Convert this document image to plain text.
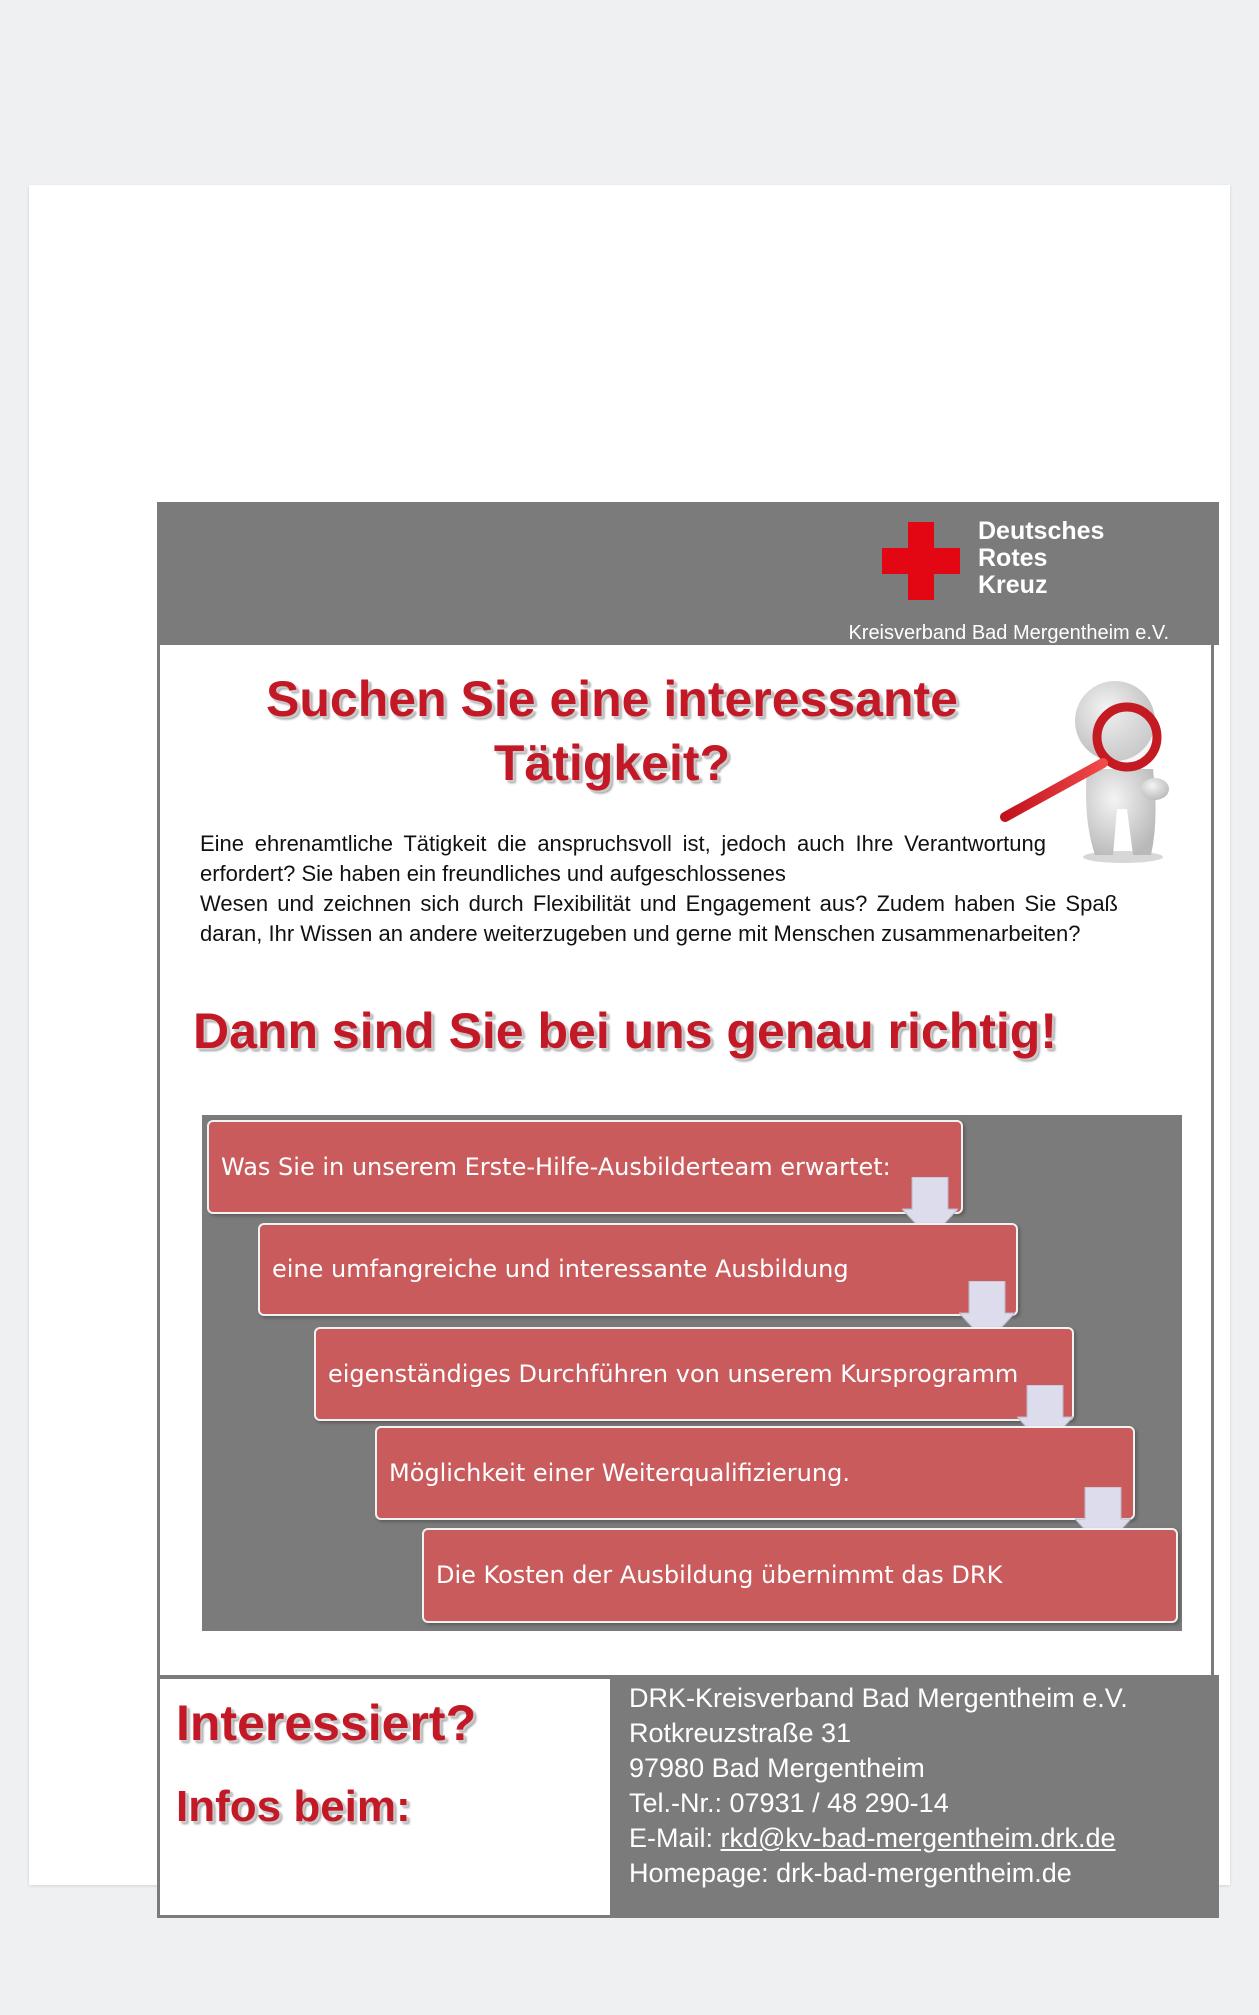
Deutsches
Rotes
Kreuz

Kreisverband Bad Mergentheim e.V.
Suchen Sie eine interessante
Tätigkeit?

Eine ehrenamtliche Tätigkeit die anspruchsvoll ist, jedoch auch Ihre Verantwortung erfordert? Sie haben ein freundliches und aufgeschlossenes
Wesen und zeichnen sich durch Flexibilität und Engagement aus? Zudem haben Sie Spaß daran, Ihr Wissen an andere weiterzugeben und gerne mit Menschen zusammenarbeiten?

Dann sind Sie bei uns genau richtig!
Was Sie in unserem Erste-Hilfe-Ausbilderteam erwartet:
eine umfangreiche und interessante Ausbildung
eigenständiges Durchführen von unserem Kursprogramm
Möglichkeit einer Weiterqualifizierung.
Die Kosten der Ausbildung übernimmt das DRK

Interessiert?

Infos beim:

DRK-Kreisverband Bad Mergentheim e.V.
Rotkreuzstraße 31
97980 Bad Mergentheim
Tel.-Nr.: 07931 / 48 290-14
E-Mail: rkd@kv-bad-mergentheim.drk.de
Homepage: drk-bad-mergentheim.de
